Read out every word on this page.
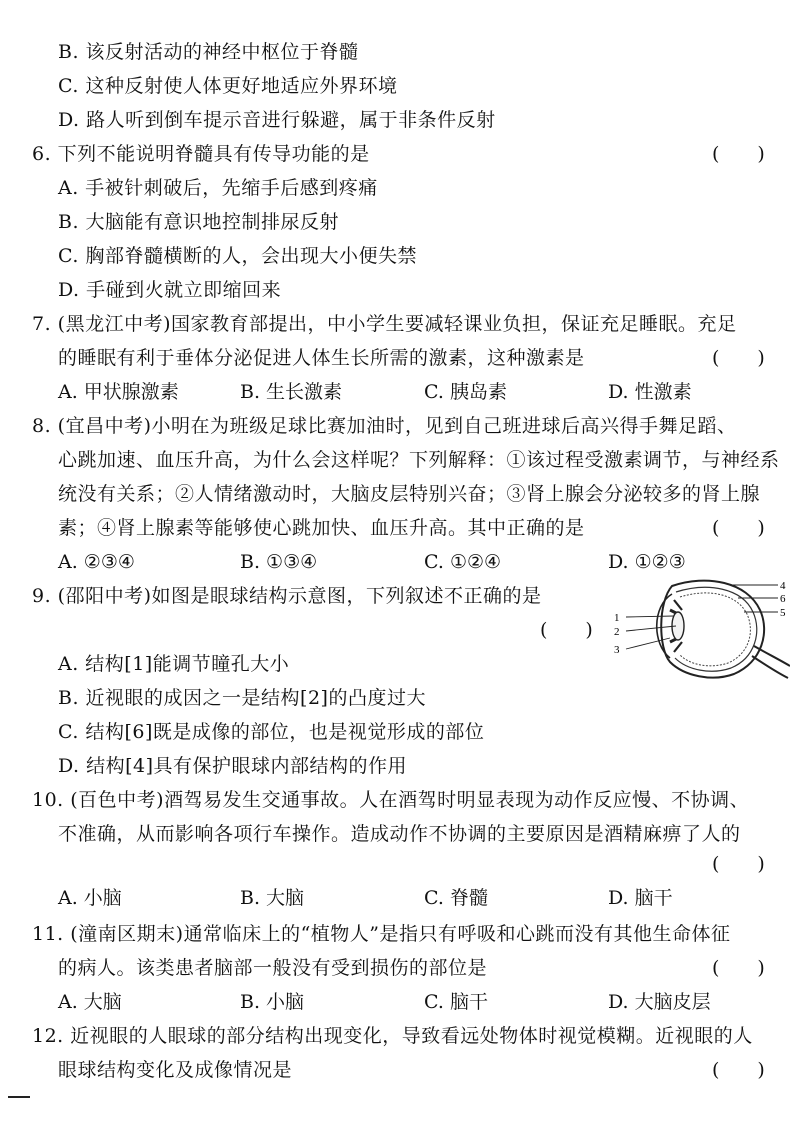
B. 该反射活动的神经中枢位于脊髓
C. 这种反射使人体更好地适应外界环境
D. 路人听到倒车提示音进行躲避，属于非条件反射
6. 下列不能说明脊髓具有传导功能的是	(　　)
A. 手被针刺破后，先缩手后感到疼痛
B. 大脑能有意识地控制排尿反射
C. 胸部脊髓横断的人，会出现大小便失禁
D. 手碰到火就立即缩回来
7. (黑龙江中考)国家教育部提出，中小学生要减轻课业负担，保证充足睡眠。充足
的睡眠有利于垂体分泌促进人体生长所需的激素，这种激素是	(　　)
A. 甲状腺激素	B. 生长激素	C. 胰岛素	D. 性激素
8. (宜昌中考)小明在为班级足球比赛加油时，见到自己班进球后高兴得手舞足蹈、
心跳加速、血压升高，为什么会这样呢？下列解释：①该过程受激素调节，与神经系
统没有关系；②人情绪激动时，大脑皮层特别兴奋；③肾上腺会分泌较多的肾上腺
素；④肾上腺素等能够使心跳加快、血压升高。其中正确的是	(　　)
A. ②③④	B. ①③④	C. ①②④	D. ①②③
9. (邵阳中考)如图是眼球结构示意图，下列叙述不正确的是
(　　)
A. 结构[1]能调节瞳孔大小
B. 近视眼的成因之一是结构[2]的凸度过大
C. 结构[6]既是成像的部位，也是视觉形成的部位
D. 结构[4]具有保护眼球内部结构的作用
1
2
3
4
6
5
10. (百色中考)酒驾易发生交通事故。人在酒驾时明显表现为动作反应慢、不协调、
不准确，从而影响各项行车操作。造成动作不协调的主要原因是酒精麻痹了人的
(　　)
A. 小脑	B. 大脑	C. 脊髓	D. 脑干
11. (潼南区期末)通常临床上的“植物人”是指只有呼吸和心跳而没有其他生命体征
的病人。该类患者脑部一般没有受到损伤的部位是	(　　)
A. 大脑	B. 小脑	C. 脑干	D. 大脑皮层
12. 近视眼的人眼球的部分结构出现变化，导致看远处物体时视觉模糊。近视眼的人
眼球结构变化及成像情况是	(　　)
